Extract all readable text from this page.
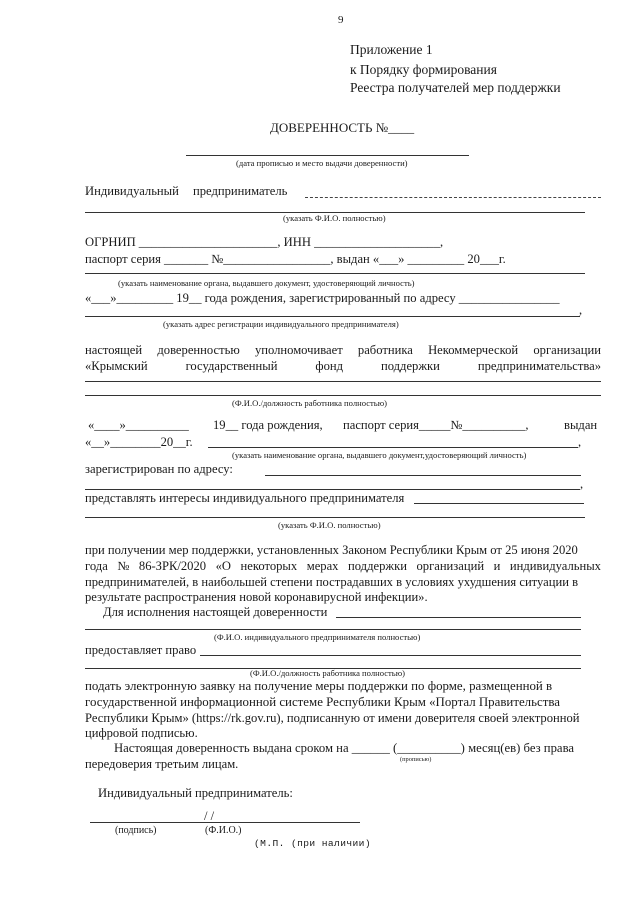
9
Приложение 1
к Порядку формирования
Реестра получателей мер поддержки
ДОВЕРЕННОСТЬ №____
(дата прописью и место выдачи доверенности)
Индивидуальный предприниматель
(указать Ф.И.О. полностью)
ОГРНИП ______________________, ИНН ____________________,
паспорт серия _______ №_________________, выдан «___» _________ 20___г.
(указать наименование органа, выдавшего документ, удостоверяющий личность)
«___»_________ 19__ года рождения, зарегистрированный по адресу ________________
,
(указать адрес регистрации индивидуального предпринимателя)
настоящей доверенностью уполномочивает работника Некоммерческой организации
«Крымский	государственный	фонд	поддержки	предпринимательства»
(Ф.И.О./должность работника полностью)
«____»__________ 19__ года рождения, паспорт серия_____№__________,	выдан
«__»________20__г.	,
(указать наименование органа, выдавшего документ,удостоверяющий личность)
зарегистрирован по адресу:
,
представлять интересы индивидуального предпринимателя
(указать Ф.И.О. полностью)
при получении мер поддержки, установленных Законом Республики Крым от 25 июня 2020
года № 86-ЗРК/2020 «О некоторых мерах поддержки организаций и индивидуальных
предпринимателей, в наибольшей степени пострадавших в условиях ухудшения ситуации в
результате распространения новой коронавирусной инфекции».
Для исполнения настоящей доверенности
(Ф.И.О. индивидуального предпринимателя полностью)
предоставляет право
(Ф.И.О./должность работника полностью)
подать электронную заявку на получение меры поддержки по форме, размещенной в
государственной информационной системе Республики Крым «Портал Правительства
Республики Крым» (https://rk.gov.ru), подписанную от имени доверителя своей электронной
цифровой подписью.
Настоящая доверенность выдана сроком на ______ (__________) месяц(ев) без права
передоверия третьим лицам.	(прописью)
Индивидуальный предприниматель:
/ /
(подпись)	(Ф.И.О.)
(М.П. (при наличии)
